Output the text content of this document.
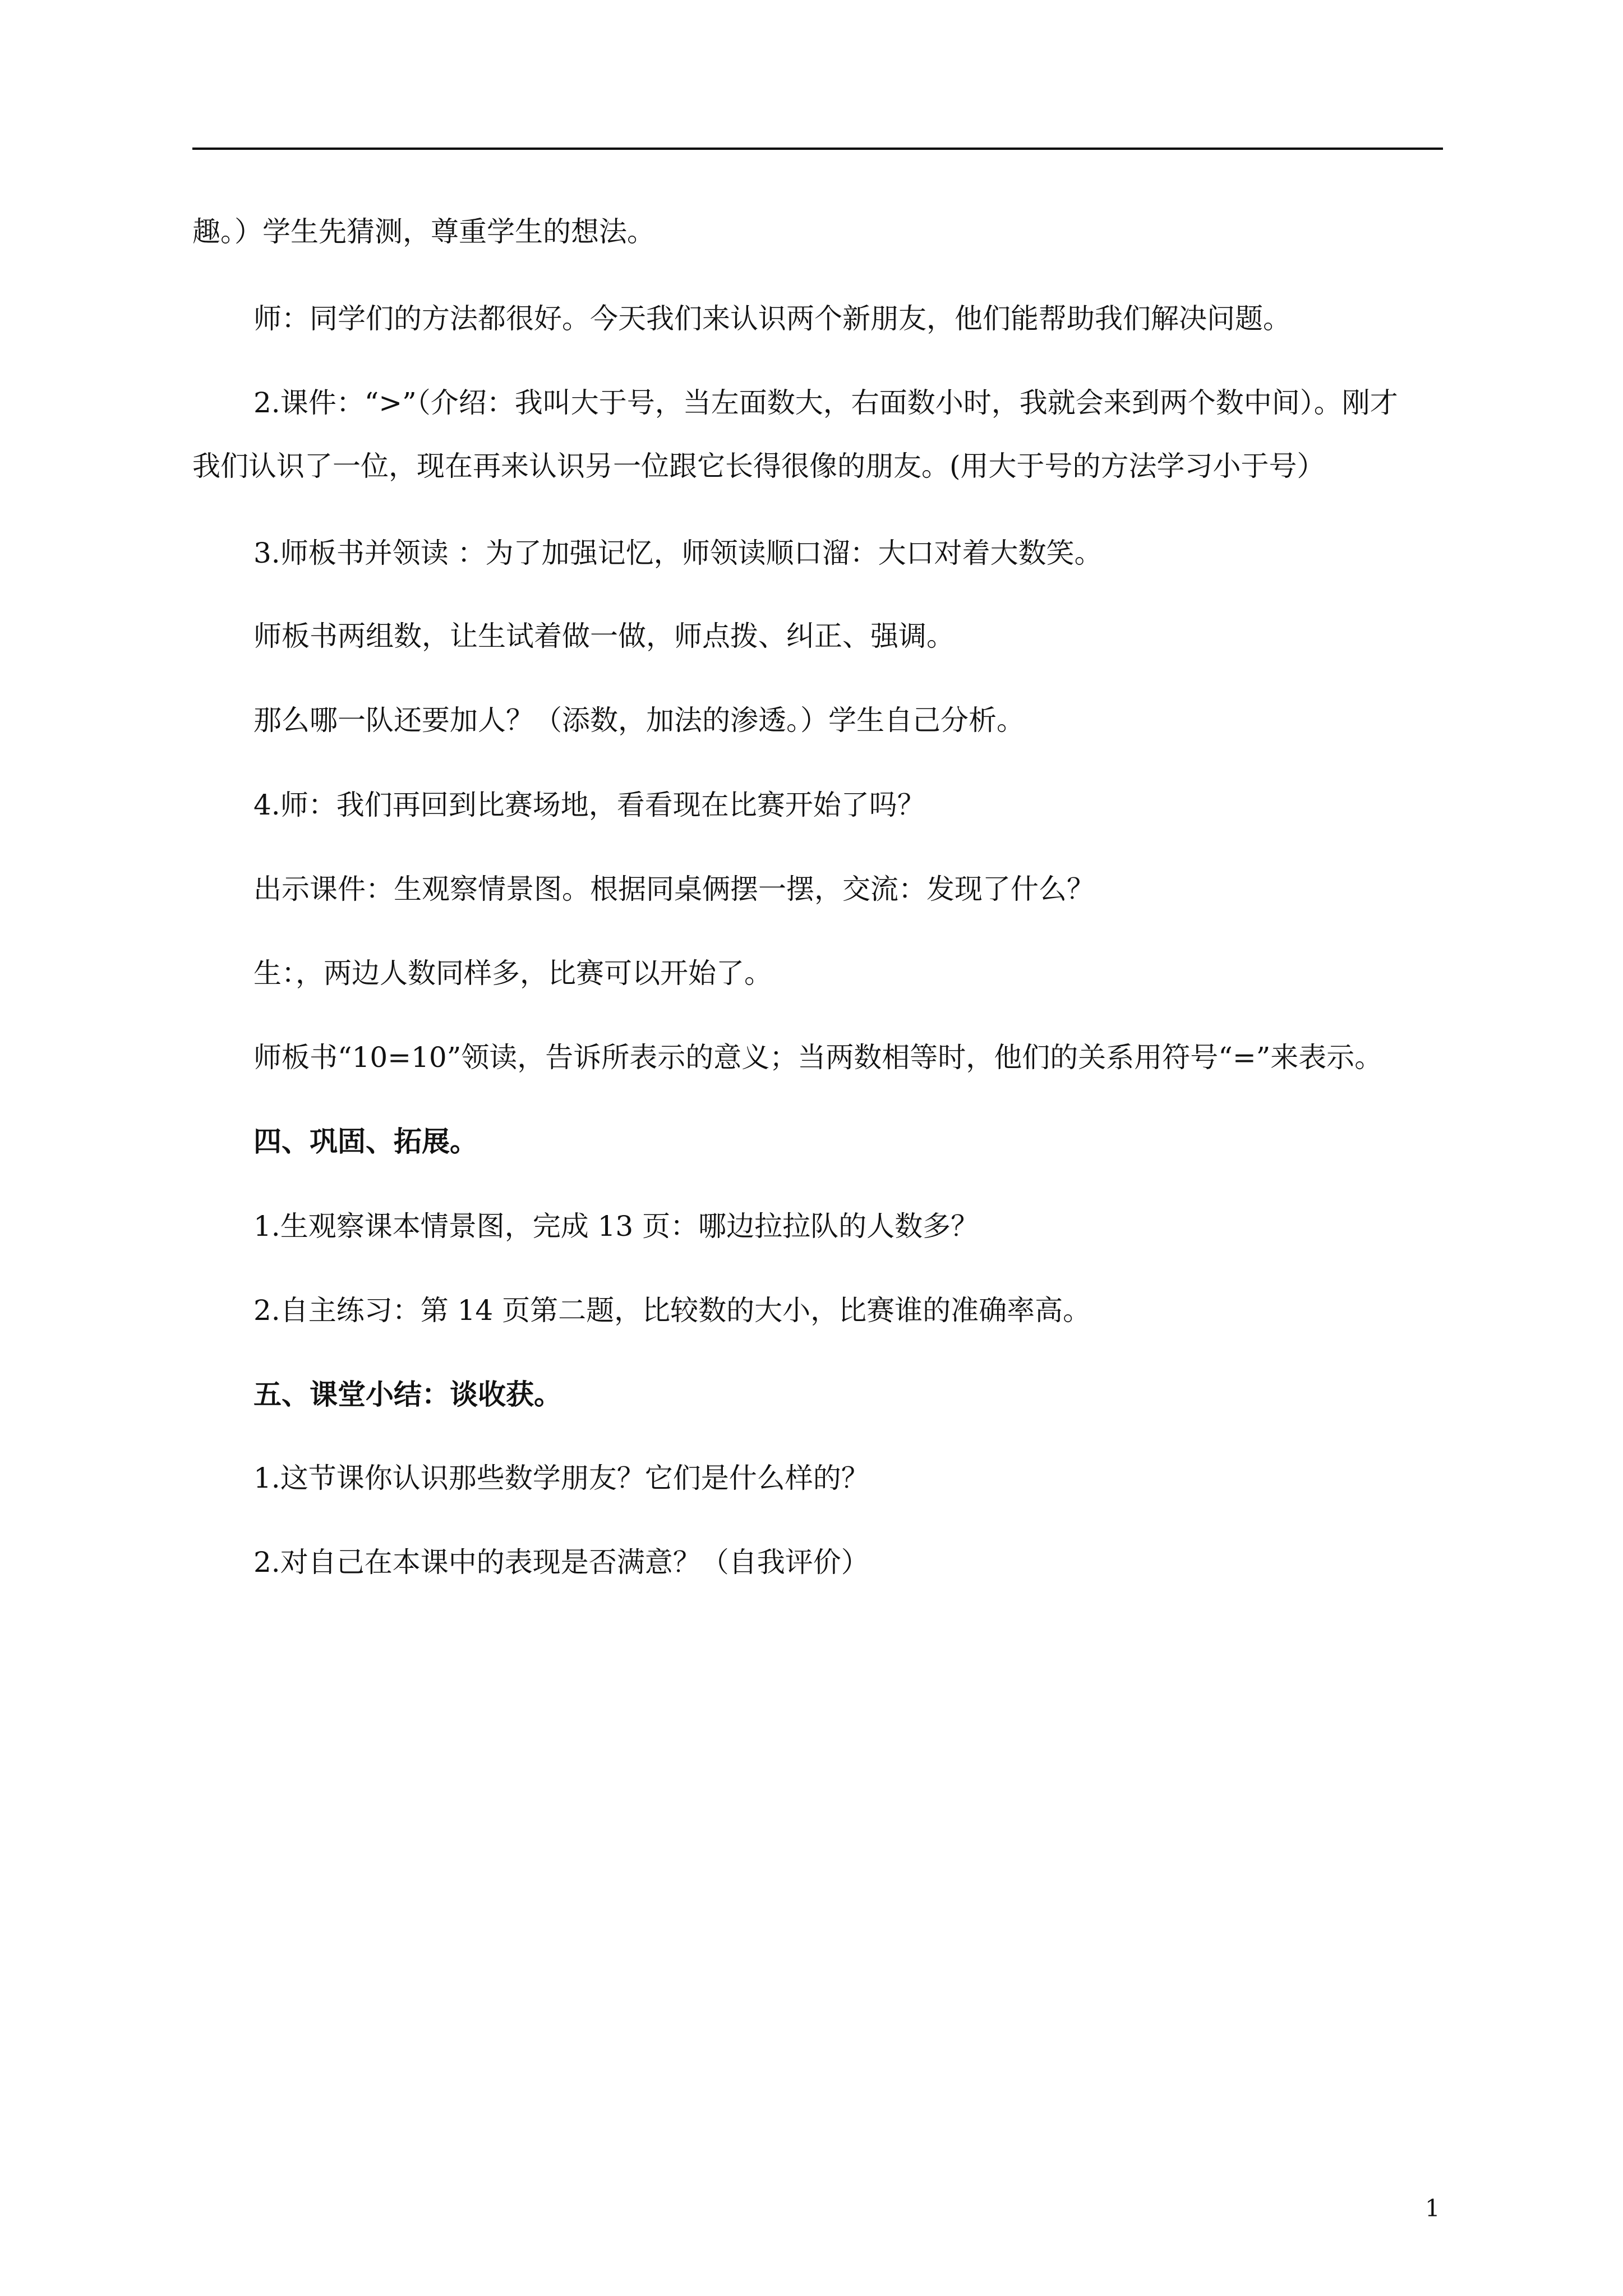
趣。）学生先猜测，尊重学生的想法。
师：同学们的方法都很好。今天我们来认识两个新朋友，他们能帮助我们解决问题。
2.课件：“>”（介绍：我叫大于号，当左面数大，右面数小时，我就会来到两个数中间）。刚才
我们认识了一位，现在再来认识另一位跟它长得很像的朋友。(用大于号的方法学习小于号）
3.师板书并领读 ：为了加强记忆，师领读顺口溜：大口对着大数笑。
师板书两组数，让生试着做一做，师点拨、纠正、强调。
那么哪一队还要加人？（添数，加法的渗透。）学生自己分析。
4.师：我们再回到比赛场地，看看现在比赛开始了吗？
出示课件：生观察情景图。根据同桌俩摆一摆，交流：发现了什么？
生：，两边人数同样多，比赛可以开始了。
师板书“10=10”领读，告诉所表示的意义；当两数相等时，他们的关系用符号“=”来表示。
四、巩固、拓展。
1.生观察课本情景图，完成 13 页：哪边拉拉队的人数多？
2.自主练习：第 14 页第二题，比较数的大小，比赛谁的准确率高。
五、课堂小结：谈收获。
1.这节课你认识那些数学朋友？它们是什么样的？
2.对自己在本课中的表现是否满意？（自我评价）
1
